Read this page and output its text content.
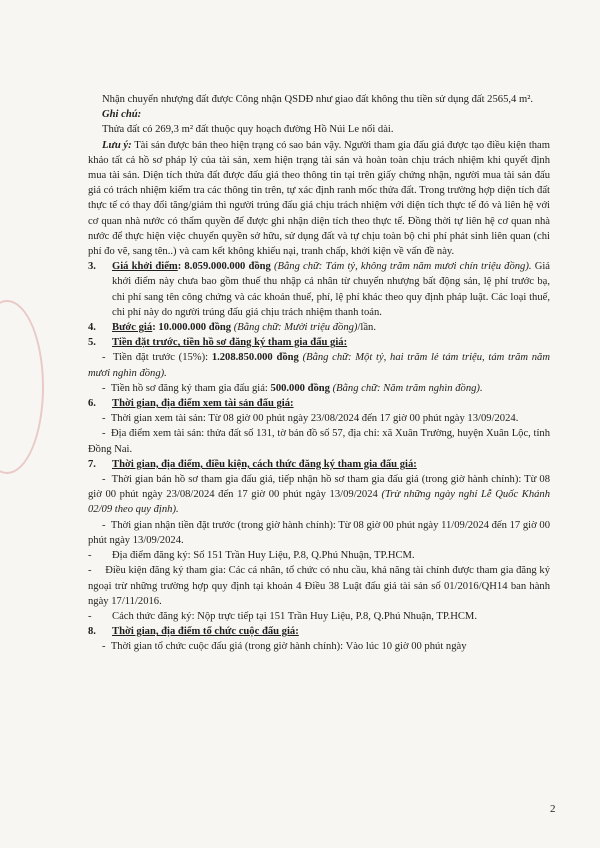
Nhận chuyển nhượng đất được Công nhận QSDĐ như giao đất không thu tiền sử dụng đất 2565,4 m².

Ghi chú:

Thửa đất có 269,3 m² đất thuộc quy hoạch đường Hồ Núi Le nối dài.

Lưu ý: Tài sản được bán theo hiện trạng có sao bán vậy. Người tham gia đấu giá được tạo điều kiện tham khảo tất cả hồ sơ pháp lý của tài sản, xem hiện trạng tài sản và hoàn toàn chịu trách nhiệm khi quyết định mua tài sản. Diện tích thửa đất được đấu giá theo thông tin tại trên giấy chứng nhận, người mua tài sản đấu giá có trách nhiệm kiểm tra các thông tin trên, tự xác định ranh mốc thửa đất. Trong trường hợp diện tích đất thực tế có thay đổi tăng/giảm thì người trúng đấu giá chịu trách nhiệm với diện tích thực tế đó và liên hệ với cơ quan nhà nước có thẩm quyền để được ghi nhận diện tích theo thực tế. Đồng thời tự liên hệ cơ quan nhà nước để thực hiện việc chuyển quyền sở hữu, sử dụng đất và tự chịu toàn bộ chi phí phát sinh liên quan (chi phí đo vẽ, sang tên..) và cam kết không khiếu nại, tranh chấp, khởi kiện về vấn đề này.

3.	Giá khởi điểm: 8.059.000.000 đồng (Bằng chữ: Tám tỷ, không trăm năm mươi chín triệu đồng). Giá khởi điểm này chưa bao gồm thuế thu nhập cá nhân từ chuyển nhượng bất động sản, lệ phí trước bạ, chi phí sang tên công chứng và các khoản thuế, phí, lệ phí khác theo quy định pháp luật. Các loại thuế, chi phí này do người trúng đấu giá chịu trách nhiệm thanh toán.
4.	Bước giá: 10.000.000 đồng (Bằng chữ: Mười triệu đồng)/lần.
5.	Tiền đặt trước, tiền hồ sơ đăng ký tham gia đấu giá:

-  Tiền đặt trước (15%): 1.208.850.000 đồng (Bằng chữ: Một tỷ, hai trăm lẻ tám triệu, tám trăm năm mươi nghìn đồng).

-  Tiền hồ sơ đăng ký tham gia đấu giá: 500.000 đồng (Bằng chữ: Năm trăm nghìn đồng).

6.	Thời gian, địa điểm xem tài sản đấu giá:

-  Thời gian xem tài sản: Từ 08 giờ 00 phút ngày 23/08/2024 đến 17 giờ 00 phút ngày 13/09/2024.

-  Địa điểm xem tài sản: thửa đất số 131, tờ bản đồ số 57, địa chỉ: xã Xuân Trường, huyện Xuân Lộc, tỉnh Đồng Nai.

7.	Thời gian, địa điểm, điều kiện, cách thức đăng ký tham gia đấu giá:

-  Thời gian bán hồ sơ tham gia đấu giá, tiếp nhận hồ sơ tham gia đấu giá (trong giờ hành chính): Từ 08 giờ 00 phút ngày 23/08/2024 đến 17 giờ 00 phút ngày 13/09/2024 (Trừ những ngày nghỉ Lễ Quốc Khánh 02/09 theo quy định).

-  Thời gian nhận tiền đặt trước (trong giờ hành chính): Từ 08 giờ 00 phút ngày 11/09/2024 đến 17 giờ 00 phút ngày 13/09/2024.

-	Địa điểm đăng ký: Số 151 Trần Huy Liệu, P.8, Q.Phú Nhuận, TP.HCM.

- Điều kiện đăng ký tham gia: Các cá nhân, tổ chức có nhu cầu, khả năng tài chính được tham gia đăng ký ngoại trừ những trường hợp quy định tại khoản 4 Điều 38 Luật đấu giá tài sản số 01/2016/QH14 ban hành ngày 17/11/2016.

-	Cách thức đăng ký: Nộp trực tiếp tại 151 Trần Huy Liệu, P.8, Q.Phú Nhuận, TP.HCM.
8.	Thời gian, địa điểm tổ chức cuộc đấu giá:

-  Thời gian tổ chức cuộc đấu giá (trong giờ hành chính): Vào lúc 10 giờ 00 phút ngày

2
